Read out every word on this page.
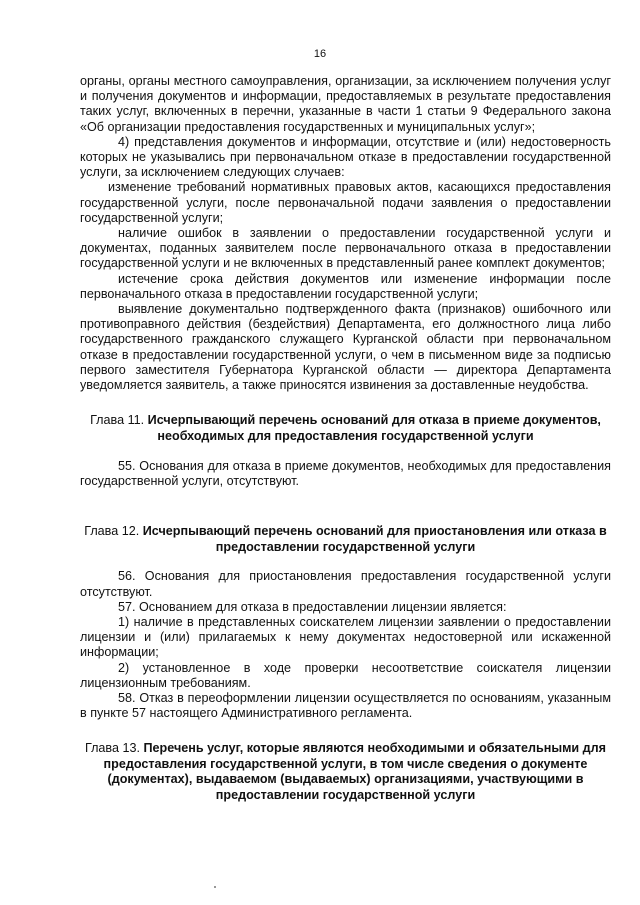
16

органы, органы местного самоуправления, организации, за исключением получения услуг и получения документов и информации, предоставляемых в результате предоставления таких услуг, включенных в перечни, указанные в части 1 статьи 9 Федерального закона «Об организации предоставления государственных и муниципальных услуг»;

4) представления документов и информации, отсутствие и (или) недостоверность которых не указывались при первоначальном отказе в предоставлении государственной услуги, за исключением следующих случаев:

изменение требований нормативных правовых актов, касающихся предоставления государственной услуги, после первоначальной подачи заявления о предоставлении государственной услуги;

наличие ошибок в заявлении о предоставлении государственной услуги и документах, поданных заявителем после первоначального отказа в предоставлении государственной услуги и не включенных в представленный ранее комплект документов;

истечение срока действия документов или изменение информации после первоначального отказа в предоставлении государственной услуги;

выявление документально подтвержденного факта (признаков) ошибочного или противоправного действия (бездействия) Департамента, его должностного лица либо государственного гражданского служащего Курганской области при первоначальном отказе в предоставлении государственной услуги, о чем в письменном виде за подписью первого заместителя Губернатора Курганской области — директора Департамента уведомляется заявитель, а также приносятся извинения за доставленные неудобства.

Глава 11. Исчерпывающий перечень оснований для отказа в приеме документов, необходимых для предоставления государственной услуги

55. Основания для отказа в приеме документов, необходимых для предоставления государственной услуги, отсутствуют.

Глава 12. Исчерпывающий перечень оснований для приостановления или отказа в предоставлении государственной услуги

56. Основания для приостановления предоставления государственной услуги отсутствуют.

57. Основанием для отказа в предоставлении лицензии является:

1) наличие в представленных соискателем лицензии заявлении о предоставлении лицензии и (или) прилагаемых к нему документах недостоверной или искаженной информации;

2) установленное в ходе проверки несоответствие соискателя лицензии лицензионным требованиям.

58. Отказ в переоформлении лицензии осуществляется по основаниям, указанным в пункте 57 настоящего Административного регламента.

Глава 13. Перечень услуг, которые являются необходимыми и обязательными для предоставления государственной услуги, в том числе сведения о документе (документах), выдаваемом (выдаваемых) организациями, участвующими в предоставлении государственной услуги
